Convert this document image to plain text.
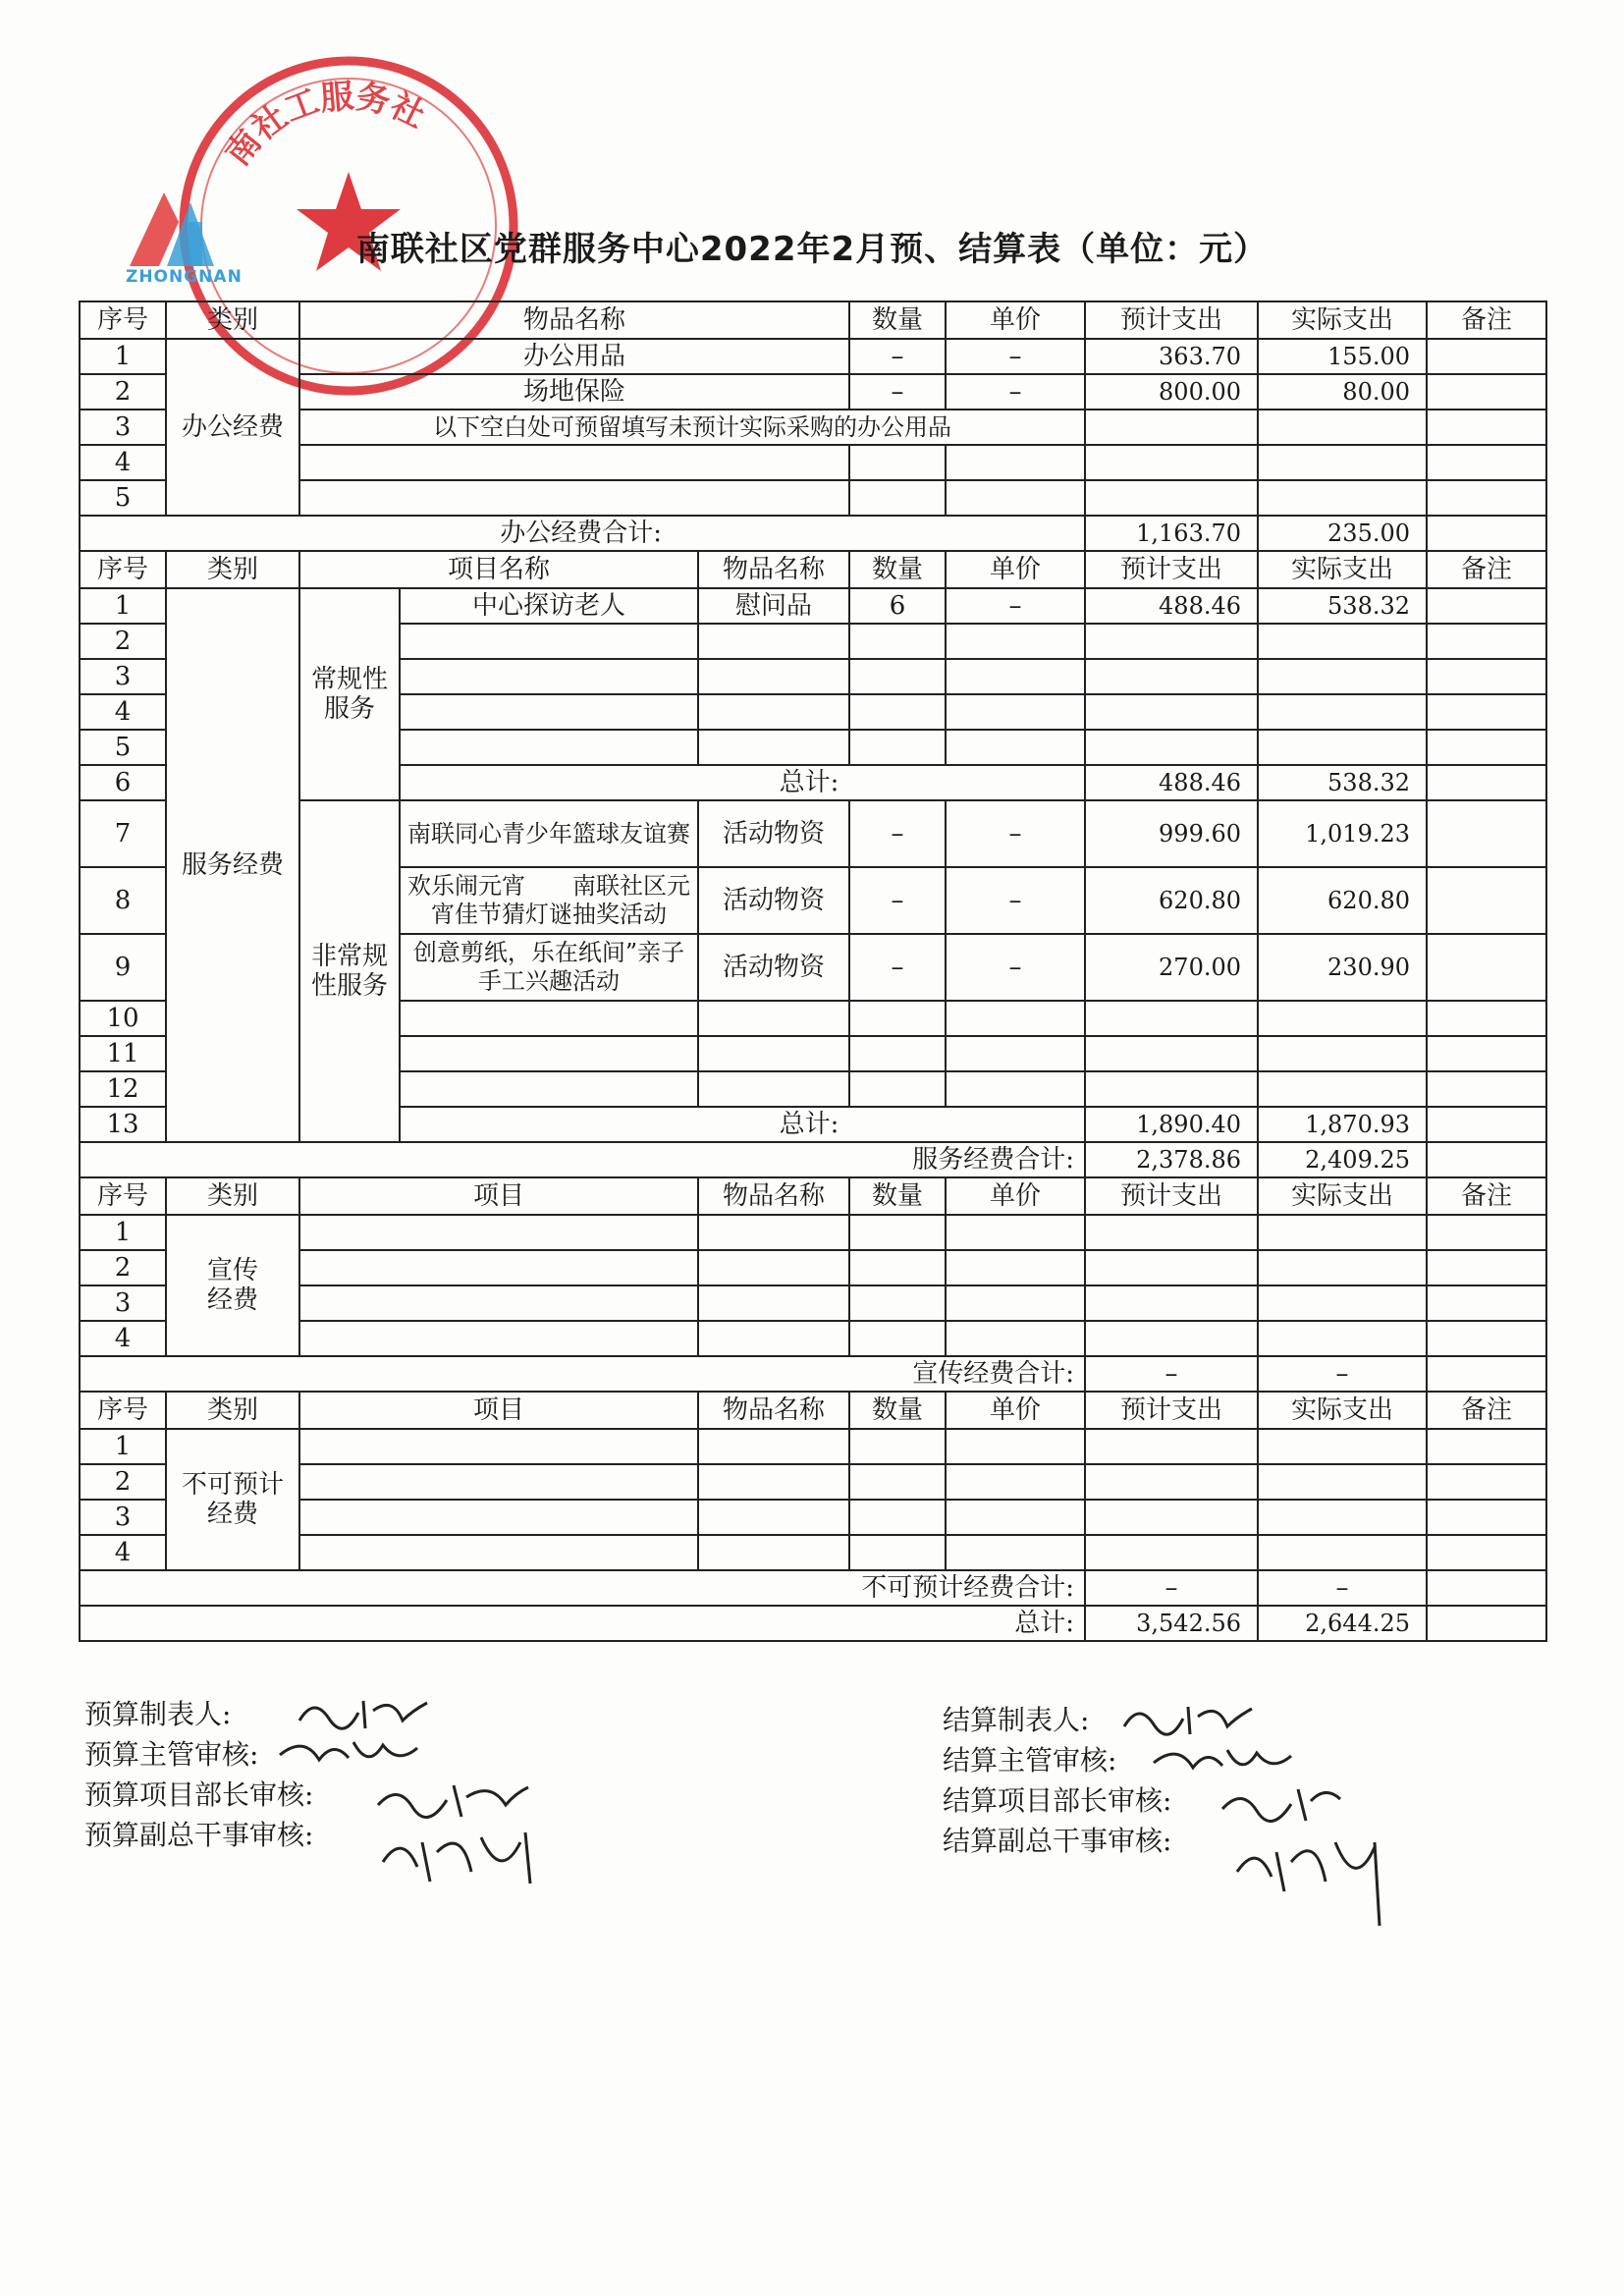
南社工服务社
ZHONGNAN
南联社区党群服务中心2022年2月预、结算表（单位：元）
序号	类别	物品名称			数量	单价	预计支出	实际支出	备注
1	办公经费	办公用品			–	–	363.70	155.00	
2		场地保险			–	–	800.00	80.00	
3		以下空白处可预留填写未预计实际采购的办公用品							
4									
5									
办公经费合计:							1,163.70	235.00	
序号	类别	项目名称		物品名称	数量	单价	预计支出	实际支出	备注
1	服务经费	常规性服务	中心探访老人	慰问品	6	–	488.46	538.32	
2									
3									
4									
5									
6			总计:				488.46	538.32	
7		非常规性服务	南联同心青少年篮球友谊赛	活动物资	–	–	999.60	1,019.23	
8			欢乐闹元宵　　南联社区元宵佳节猜灯谜抽奖活动	活动物资	–	–	620.80	620.80	
9			创意剪纸，乐在纸间”亲子手工兴趣活动	活动物资	–	–	270.00	230.90	
10									
11									
12									
13			总计:				1,890.40	1,870.93	
服务经费合计:							2,378.86	2,409.25	
序号	类别	项目		物品名称	数量	单价	预计支出	实际支出	备注
1	宣传经费								
2									
3									
4									
宣传经费合计:							–	–	
序号	类别	项目		物品名称	数量	单价	预计支出	实际支出	备注
1	不可预计经费								
2									
3									
4									
不可预计经费合计:							–	–	
总计:							3,542.56	2,644.25	
预算制表人:
预算主管审核:
预算项目部长审核:
预算副总干事审核:
结算制表人:
结算主管审核:
结算项目部长审核:
结算副总干事审核:
